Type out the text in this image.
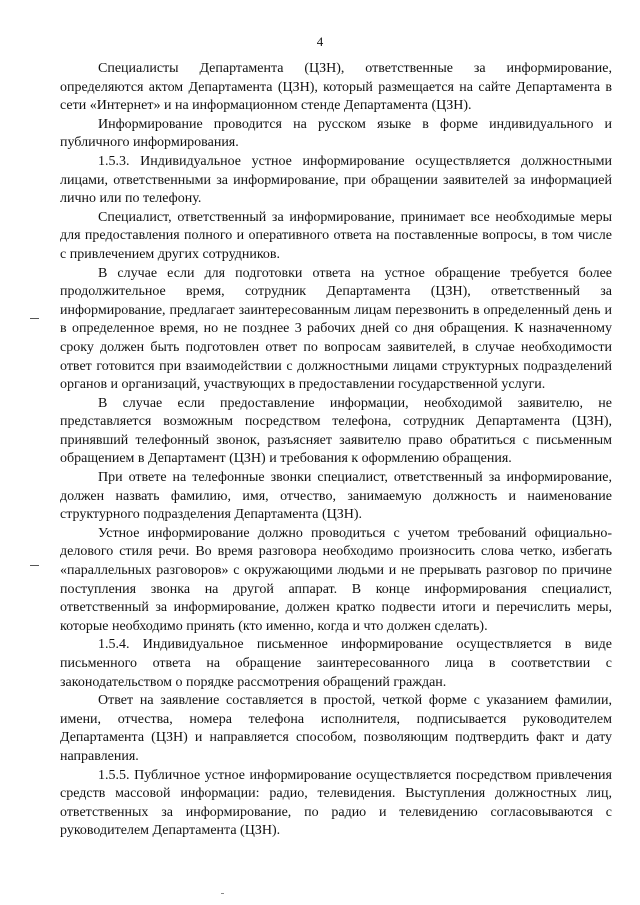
4

Специалисты Департамента (ЦЗН), ответственные за информирование, определяются актом Департамента (ЦЗН), который размещается на сайте Департамента в сети «Интернет» и на информационном стенде Департамента (ЦЗН).

Информирование проводится на русском языке в форме индивидуального и публичного информирования.

1.5.3. Индивидуальное устное информирование осуществляется должностными лицами, ответственными за информирование, при обращении заявителей за информацией лично или по телефону.

Специалист, ответственный за информирование, принимает все необходимые меры для предоставления полного и оперативного ответа на поставленные вопросы, в том числе с привлечением других сотрудников.

В случае если для подготовки ответа на устное обращение требуется более продолжительное время, сотрудник Департамента (ЦЗН), ответственный за информирование, предлагает заинтересованным лицам перезвонить в определенный день и в определенное время, но не позднее 3 рабочих дней со дня обращения. К назначенному сроку должен быть подготовлен ответ по вопросам заявителей, в случае необходимости ответ готовится при взаимодействии с должностными лицами структурных подразделений органов и организаций, участвующих в предоставлении государственной услуги.

В случае если предоставление информации, необходимой заявителю, не представляется возможным посредством телефона, сотрудник Департамента (ЦЗН), принявший телефонный звонок, разъясняет заявителю право обратиться с письменным обращением в Департамент (ЦЗН) и требования к оформлению обращения.

При ответе на телефонные звонки специалист, ответственный за информирование, должен назвать фамилию, имя, отчество, занимаемую должность и наименование структурного подразделения Департамента (ЦЗН).

Устное информирование должно проводиться с учетом требований официально-делового стиля речи. Во время разговора необходимо произносить слова четко, избегать «параллельных разговоров» с окружающими людьми и не прерывать разговор по причине поступления звонка на другой аппарат. В конце информирования специалист, ответственный за информирование, должен кратко подвести итоги и перечислить меры, которые необходимо принять (кто именно, когда и что должен сделать).

1.5.4. Индивидуальное письменное информирование осуществляется в виде письменного ответа на обращение заинтересованного лица в соответствии с законодательством о порядке рассмотрения обращений граждан.

Ответ на заявление составляется в простой, четкой форме с указанием фамилии, имени, отчества, номера телефона исполнителя, подписывается руководителем Департамента (ЦЗН) и направляется способом, позволяющим подтвердить факт и дату направления.

1.5.5. Публичное устное информирование осуществляется посредством привлечения средств массовой информации: радио, телевидения. Выступления должностных лиц, ответственных за информирование, по радио и телевидению согласовываются с руководителем Департамента (ЦЗН).
